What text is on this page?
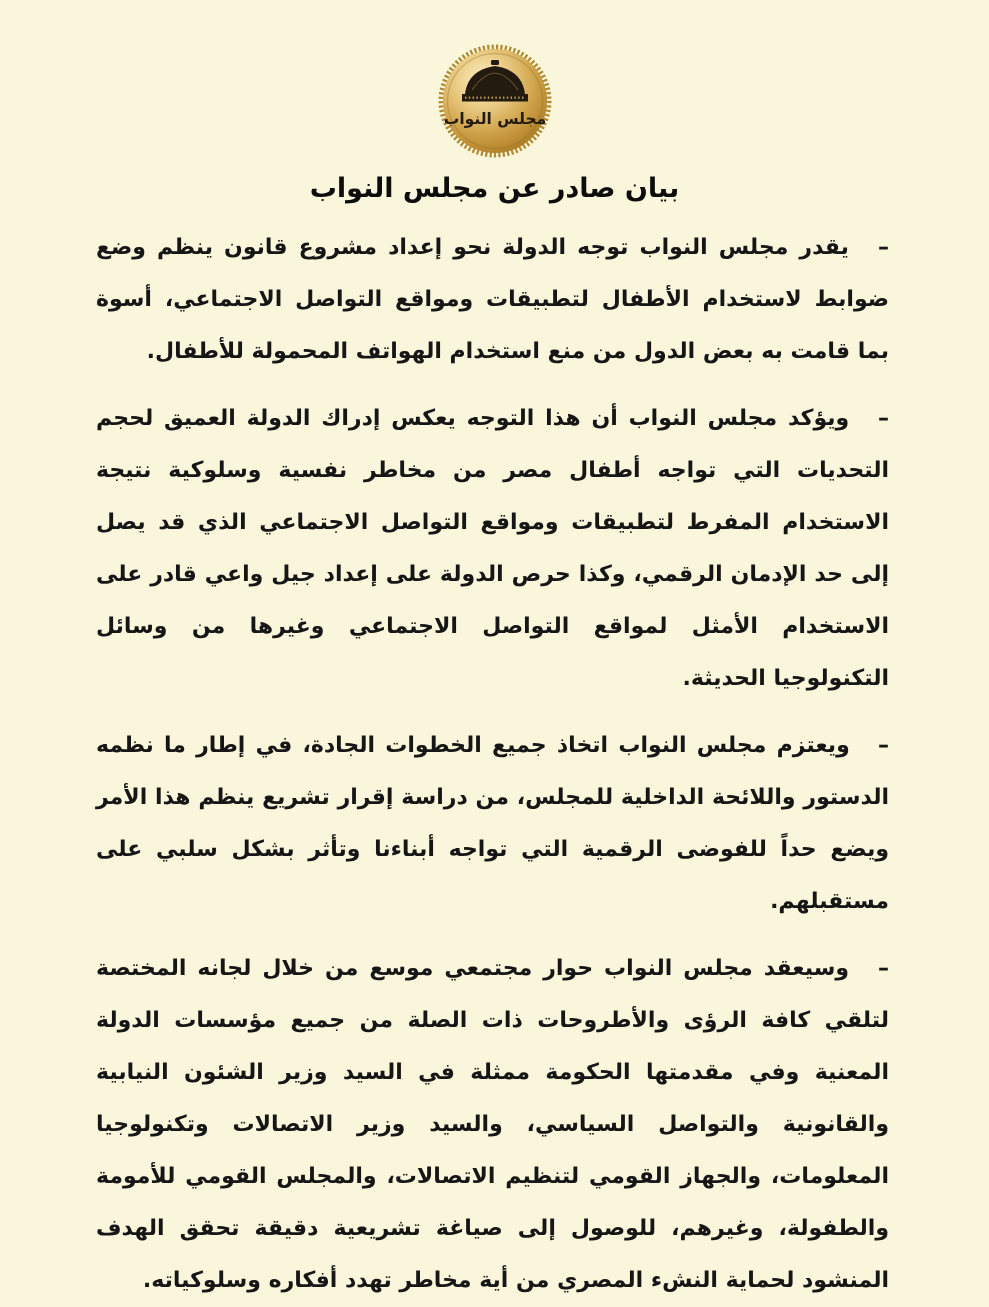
مجلس النواب
بيان صادر عن مجلس النواب

– يقدر مجلس النواب توجه الدولة نحو إعداد مشروع قانون ينظم وضع ضوابط لاستخدام الأطفال لتطبيقات ومواقع التواصل الاجتماعي، أسوة بما قامت به بعض الدول من منع استخدام الهواتف المحمولة للأطفال.

– ويؤكد مجلس النواب أن هذا التوجه يعكس إدراك الدولة العميق لحجم التحديات التي تواجه أطفال مصر من مخاطر نفسية وسلوكية نتيجة الاستخدام المفرط لتطبيقات ومواقع التواصل الاجتماعي الذي قد يصل إلى حد الإدمان الرقمي، وكذا حرص الدولة على إعداد جيل واعي قادر على الاستخدام الأمثل لمواقع التواصل الاجتماعي وغيرها من وسائل التكنولوجيا الحديثة.

– ويعتزم مجلس النواب اتخاذ جميع الخطوات الجادة، في إطار ما نظمه الدستور واللائحة الداخلية للمجلس، من دراسة إقرار تشريع ينظم هذا الأمر ويضع حداً للفوضى الرقمية التي تواجه أبناءنا وتأثر بشكل سلبي على مستقبلهم.

– وسيعقد مجلس النواب حوار مجتمعي موسع من خلال لجانه المختصة لتلقي كافة الرؤى والأطروحات ذات الصلة من جميع مؤسسات الدولة المعنية وفي مقدمتها الحكومة ممثلة في السيد وزير الشئون النيابية والقانونية والتواصل السياسي، والسيد وزير الاتصالات وتكنولوجيا المعلومات، والجهاز القومي لتنظيم الاتصالات، والمجلس القومي للأمومة والطفولة، وغيرهم، للوصول إلى صياغة تشريعية دقيقة تحقق الهدف المنشود لحماية النشء المصري من أية مخاطر تهدد أفكاره وسلوكياته.
